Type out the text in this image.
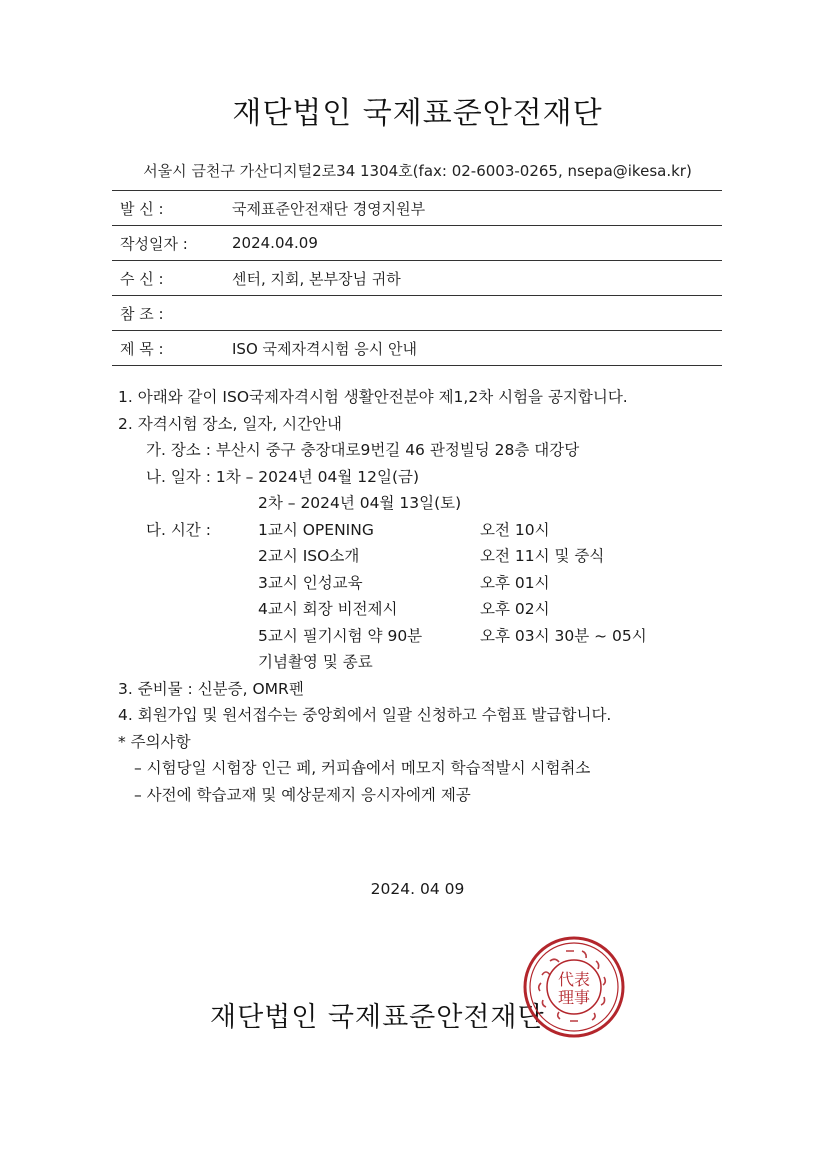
재단법인 국제표준안전재단
서울시 금천구 가산디지털2로34 1304호(fax: 02-6003-0265, nsepa@ikesa.kr)
발 신 :	국제표준안전재단 경영지원부
작성일자 :	2024.04.09
수 신 :	센터, 지회, 본부장님 귀하
참 조 :	
제 목 :	ISO 국제자격시험 응시 안내
1. 아래와 같이 ISO국제자격시험 생활안전분야 제1,2차 시험을 공지합니다.
2. 자격시험 장소, 일자, 시간안내
가. 장소 : 부산시 중구 충장대로9번길 46 관정빌딩 28층 대강당
나. 일자 : 1차 – 2024년 04월 12일(금)
2차 – 2024년 04월 13일(토)
다. 시간 :	1교시 OPENING	오전 10시
2교시 ISO소개	오전 11시 및 중식
3교시 인성교육	오후 01시
4교시 회장 비전제시	오후 02시
5교시 필기시험 약 90분	오후 03시 30분 ~ 05시
기념촬영 및 종료
3. 준비물 : 신분증, OMR펜
4. 회원가입 및 원서접수는 중앙회에서 일괄 신청하고 수험표 발급합니다.
* 주의사항
– 시험당일 시험장 인근 페, 커피숍에서 메모지 학습적발시 시험취소
– 사전에 학습교재 및 예상문제지 응시자에게 제공
2024. 04 09
재단법인 국제표준안전재단
代表
理事
